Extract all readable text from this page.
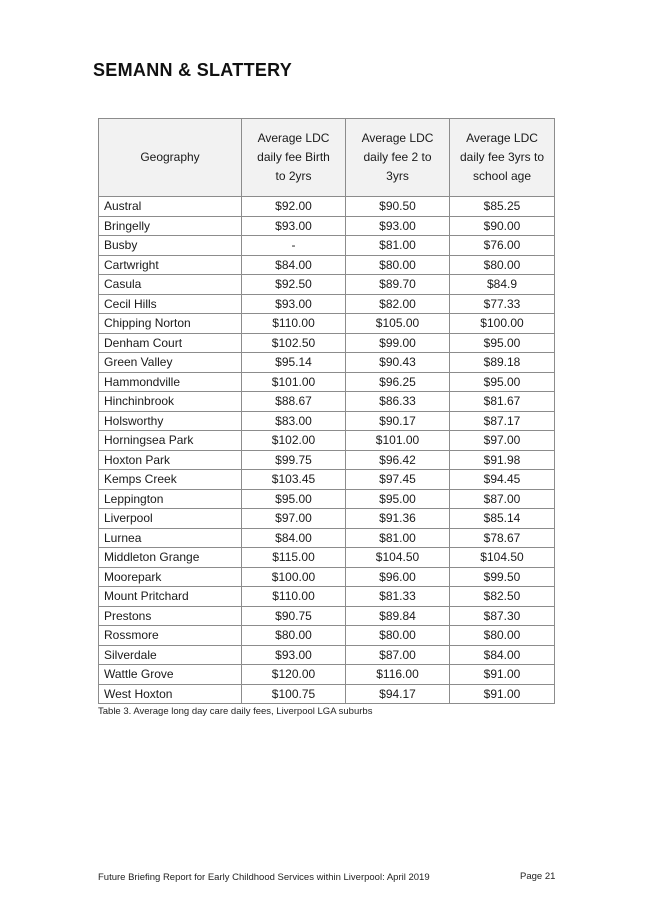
SEMANN & SLATTERY
Geography	Average LDC daily fee Birth to 2yrs	Average LDC daily fee 2 to 3yrs	Average LDC daily fee 3yrs to school age
Austral	$92.00	$90.50	$85.25
Bringelly	$93.00	$93.00	$90.00
Busby	-	$81.00	$76.00
Cartwright	$84.00	$80.00	$80.00
Casula	$92.50	$89.70	$84.9
Cecil Hills	$93.00	$82.00	$77.33
Chipping Norton	$110.00	$105.00	$100.00
Denham Court	$102.50	$99.00	$95.00
Green Valley	$95.14	$90.43	$89.18
Hammondville	$101.00	$96.25	$95.00
Hinchinbrook	$88.67	$86.33	$81.67
Holsworthy	$83.00	$90.17	$87.17
Horningsea Park	$102.00	$101.00	$97.00
Hoxton Park	$99.75	$96.42	$91.98
Kemps Creek	$103.45	$97.45	$94.45
Leppington	$95.00	$95.00	$87.00
Liverpool	$97.00	$91.36	$85.14
Lurnea	$84.00	$81.00	$78.67
Middleton Grange	$115.00	$104.50	$104.50
Moorepark	$100.00	$96.00	$99.50
Mount Pritchard	$110.00	$81.33	$82.50
Prestons	$90.75	$89.84	$87.30
Rossmore	$80.00	$80.00	$80.00
Silverdale	$93.00	$87.00	$84.00
Wattle Grove	$120.00	$116.00	$91.00
West Hoxton	$100.75	$94.17	$91.00
Table 3. Average long day care daily fees, Liverpool LGA suburbs
Future Briefing Report for Early Childhood Services within Liverpool: April 2019	Page 21
